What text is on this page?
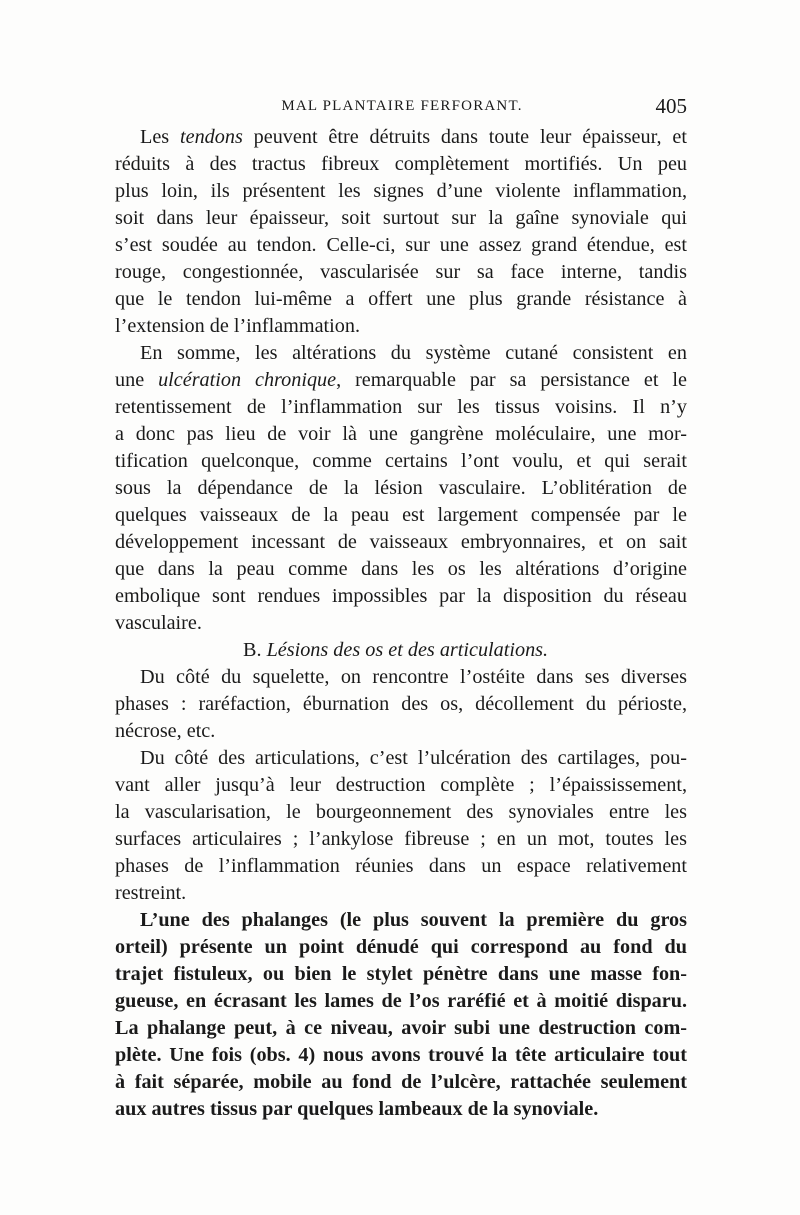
MAL PLANTAIRE FERFORANT.	405
Les tendons peuvent être détruits dans toute leur épaisseur, et
réduits à des tractus fibreux complètement mortifiés. Un peu
plus loin, ils présentent les signes d’une violente inflammation,
soit dans leur épaisseur, soit surtout sur la gaîne synoviale qui
s’est soudée au tendon. Celle-ci, sur une assez grand étendue, est
rouge, congestionnée, vascularisée sur sa face interne, tandis
que le tendon lui-même a offert une plus grande résistance à
l’extension de l’inflammation.
En somme, les altérations du système cutané consistent en
une ulcération chronique, remarquable par sa persistance et le
retentissement de l’inflammation sur les tissus voisins. Il n’y
a donc pas lieu de voir là une gangrène moléculaire, une mor-
tification quelconque, comme certains l’ont voulu, et qui serait
sous la dépendance de la lésion vasculaire. L’oblitération de
quelques vaisseaux de la peau est largement compensée par le
développement incessant de vaisseaux embryonnaires, et on sait
que dans la peau comme dans les os les altérations d’origine
embolique sont rendues impossibles par la disposition du réseau
vasculaire.
B. Lésions des os et des articulations.
Du côté du squelette, on rencontre l’ostéite dans ses diverses
phases : raréfaction, éburnation des os, décollement du périoste,
nécrose, etc.
Du côté des articulations, c’est l’ulcération des cartilages, pou-
vant aller jusqu’à leur destruction complète ; l’épaississement,
la vascularisation, le bourgeonnement des synoviales entre les
surfaces articulaires ; l’ankylose fibreuse ; en un mot, toutes les
phases de l’inflammation réunies dans un espace relativement
restreint.
L’une des phalanges (le plus souvent la première du gros
orteil) présente un point dénudé qui correspond au fond du
trajet fistuleux, ou bien le stylet pénètre dans une masse fon-
gueuse, en écrasant les lames de l’os raréfié et à moitié disparu.
La phalange peut, à ce niveau, avoir subi une destruction com-
plète. Une fois (obs. 4) nous avons trouvé la tête articulaire tout
à fait séparée, mobile au fond de l’ulcère, rattachée seulement
aux autres tissus par quelques lambeaux de la synoviale.
